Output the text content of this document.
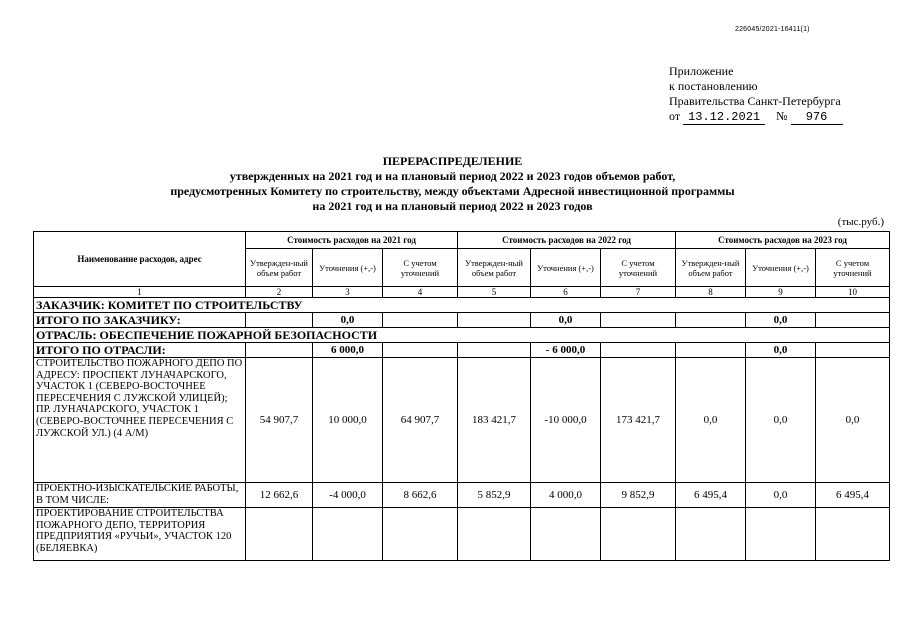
226045/2021-16411(1)
Приложение
к постановлению
Правительства Санкт-Петербурга
от 13.12.2021 № 976
ПЕРЕРАСПРЕДЕЛЕНИЕ
утвержденных на 2021 год и на плановый период 2022 и 2023 годов объемов работ,
предусмотренных Комитету по строительству, между объектами Адресной инвестиционной программы
на 2021 год и на плановый период 2022 и 2023 годов
(тыс.руб.)
Наименование расходов, адрес	Стоимость расходов на 2021 год			Стоимость расходов на 2022 год			Стоимость расходов на 2023 год		
	Утвержден-ный объем работ	Уточнения (+,-)	С учетом уточнений	Утвержден-ный объем работ	Уточнения (+,-)	С учетом уточнений	Утвержден-ный объем работ	Уточнения (+,-)	С учетом уточнений
1	2	3	4	5	6	7	8	9	10
ЗАКАЗЧИК: КОМИТЕТ ПО СТРОИТЕЛЬСТВУ									
ИТОГО ПО ЗАКАЗЧИКУ:		0,0			0,0			0,0	
ОТРАСЛЬ: ОБЕСПЕЧЕНИЕ ПОЖАРНОЙ БЕЗОПАСНОСТИ									
ИТОГО ПО ОТРАСЛИ:		6 000,0			- 6 000,0			0,0	
СТРОИТЕЛЬСТВО ПОЖАРНОГО ДЕПО ПО АДРЕСУ: ПРОСПЕКТ ЛУНАЧАРСКОГО, УЧАСТОК 1 (СЕВЕРО-ВОСТОЧНЕЕ ПЕРЕСЕЧЕНИЯ С ЛУЖСКОЙ УЛИЦЕЙ); ПР. ЛУНАЧАРСКОГО, УЧАСТОК 1 (СЕВЕРО-ВОСТОЧНЕЕ ПЕРЕСЕЧЕНИЯ С ЛУЖСКОЙ УЛ.) (4 А/М)	54 907,7	10 000,0	64 907,7	183 421,7	-10 000,0	173 421,7	0,0	0,0	0,0
ПРОЕКТНО-ИЗЫСКАТЕЛЬСКИЕ РАБОТЫ, В ТОМ ЧИСЛЕ:	12 662,6	-4 000,0	8 662,6	5 852,9	4 000,0	9 852,9	6 495,4	0,0	6 495,4
ПРОЕКТИРОВАНИЕ СТРОИТЕЛЬСТВА ПОЖАРНОГО ДЕПО, ТЕРРИТОРИЯ ПРЕДПРИЯТИЯ «РУЧЬИ», УЧАСТОК 120 (БЕЛЯЕВКА)									
